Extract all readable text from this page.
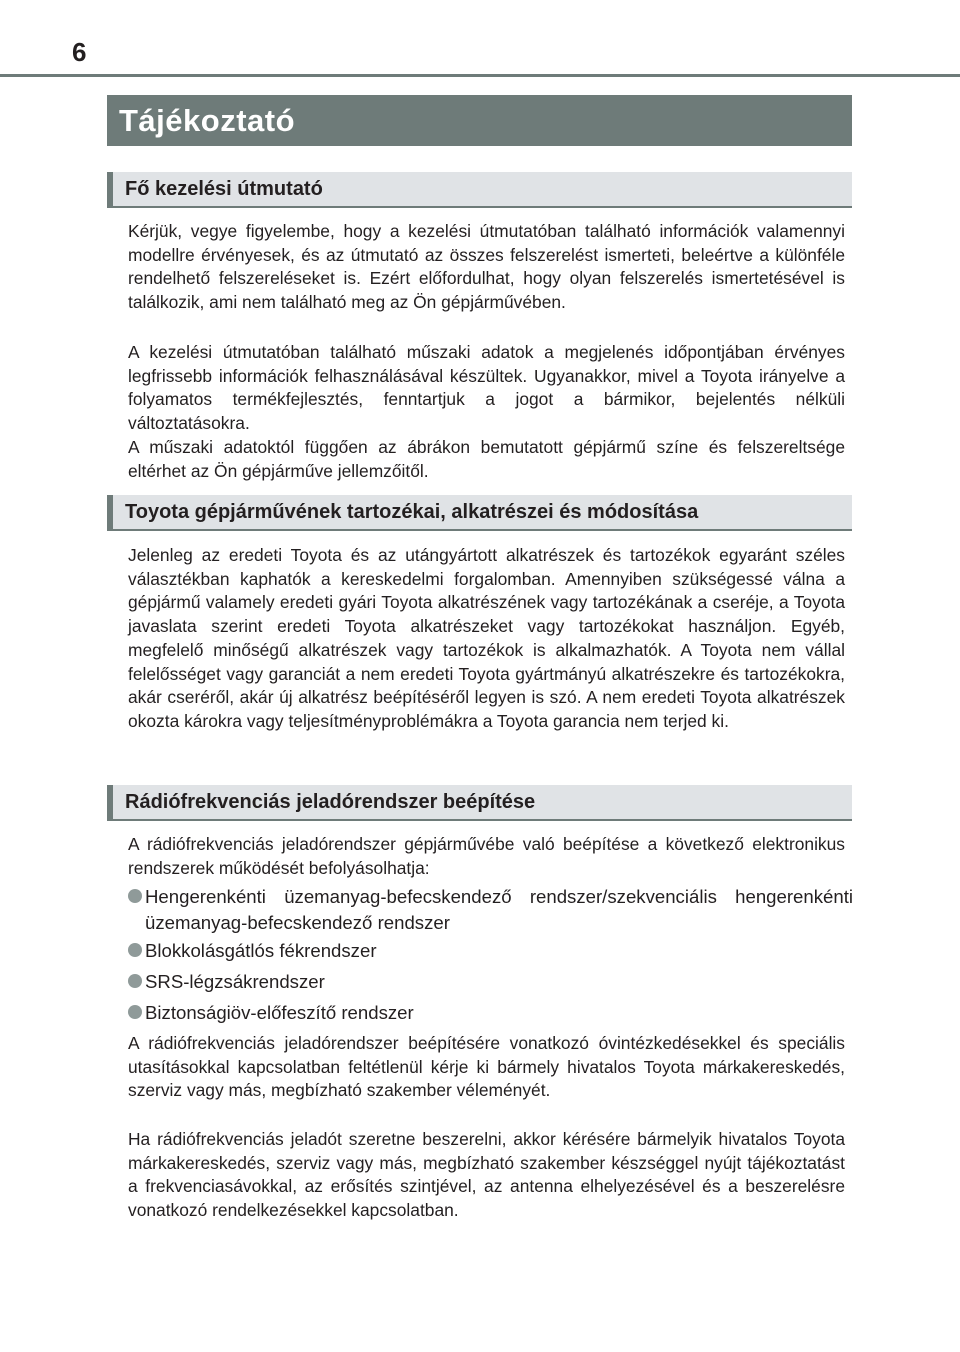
6
Tájékoztató
Fő kezelési útmutató

Kérjük, vegye figyelembe, hogy a kezelési útmutatóban található információk valamennyi modellre érvényesek, és az útmutató az összes felszerelést ismerteti, beleértve a különféle rendelhető felszereléseket is. Ezért előfordulhat, hogy olyan felszerelés ismertetésével is találkozik, ami nem található meg az Ön gépjárművében.

A kezelési útmutatóban található műszaki adatok a megjelenés időpontjában érvényes legfrissebb információk felhasználásával készültek. Ugyanakkor, mivel a Toyota irányelve a folyamatos termékfejlesztés, fenntartjuk a jogot a bármikor, bejelentés nélküli változtatásokra.

A műszaki adatoktól függően az ábrákon bemutatott gépjármű színe és felszereltsége eltérhet az Ön gépjárműve jellemzőitől.

Toyota gépjárművének tartozékai, alkatrészei és módosítása

Jelenleg az eredeti Toyota és az utángyártott alkatrészek és tartozékok egyaránt széles választékban kaphatók a kereskedelmi forgalomban. Amennyiben szükségessé válna a gépjármű valamely eredeti gyári Toyota alkatrészének vagy tartozékának a cseréje, a Toyota javaslata szerint eredeti Toyota alkatrészeket vagy tartozékokat használjon. Egyéb, megfelelő minőségű alkatrészek vagy tartozékok is alkalmazhatók. A Toyota nem vállal felelősséget vagy garanciát a nem eredeti Toyota gyártmányú alkatrészekre és tartozékokra, akár cseréről, akár új alkatrész beépítéséről legyen is szó. A nem eredeti Toyota alkatrészek okozta károkra vagy teljesítményproblémákra a Toyota garancia nem terjed ki.

Rádiófrekvenciás jeladórendszer beépítése

A rádiófrekvenciás jeladórendszer gépjárművébe való beépítése a következő elektronikus rendszerek működését befolyásolhatja:

Hengerenkénti üzemanyag-befecskendező rendszer/szekvenciális hengerenkénti üzemanyag-befecskendező rendszer
Blokkolásgátlós fékrendszer
SRS-légzsákrendszer
Biztonságiöv-előfeszítő rendszer

A rádiófrekvenciás jeladórendszer beépítésére vonatkozó óvintézkedésekkel és speciális utasításokkal kapcsolatban feltétlenül kérje ki bármely hivatalos Toyota márkakereskedés, szerviz vagy más, megbízható szakember véleményét.

Ha rádiófrekvenciás jeladót szeretne beszerelni, akkor kérésére bármelyik hivatalos Toyota márkakereskedés, szerviz vagy más, megbízható szakember készséggel nyújt tájékoztatást a frekvenciasávokkal, az erősítés szintjével, az antenna elhelyezésével és a beszerelésre vonatkozó rendelkezésekkel kapcsolatban.
